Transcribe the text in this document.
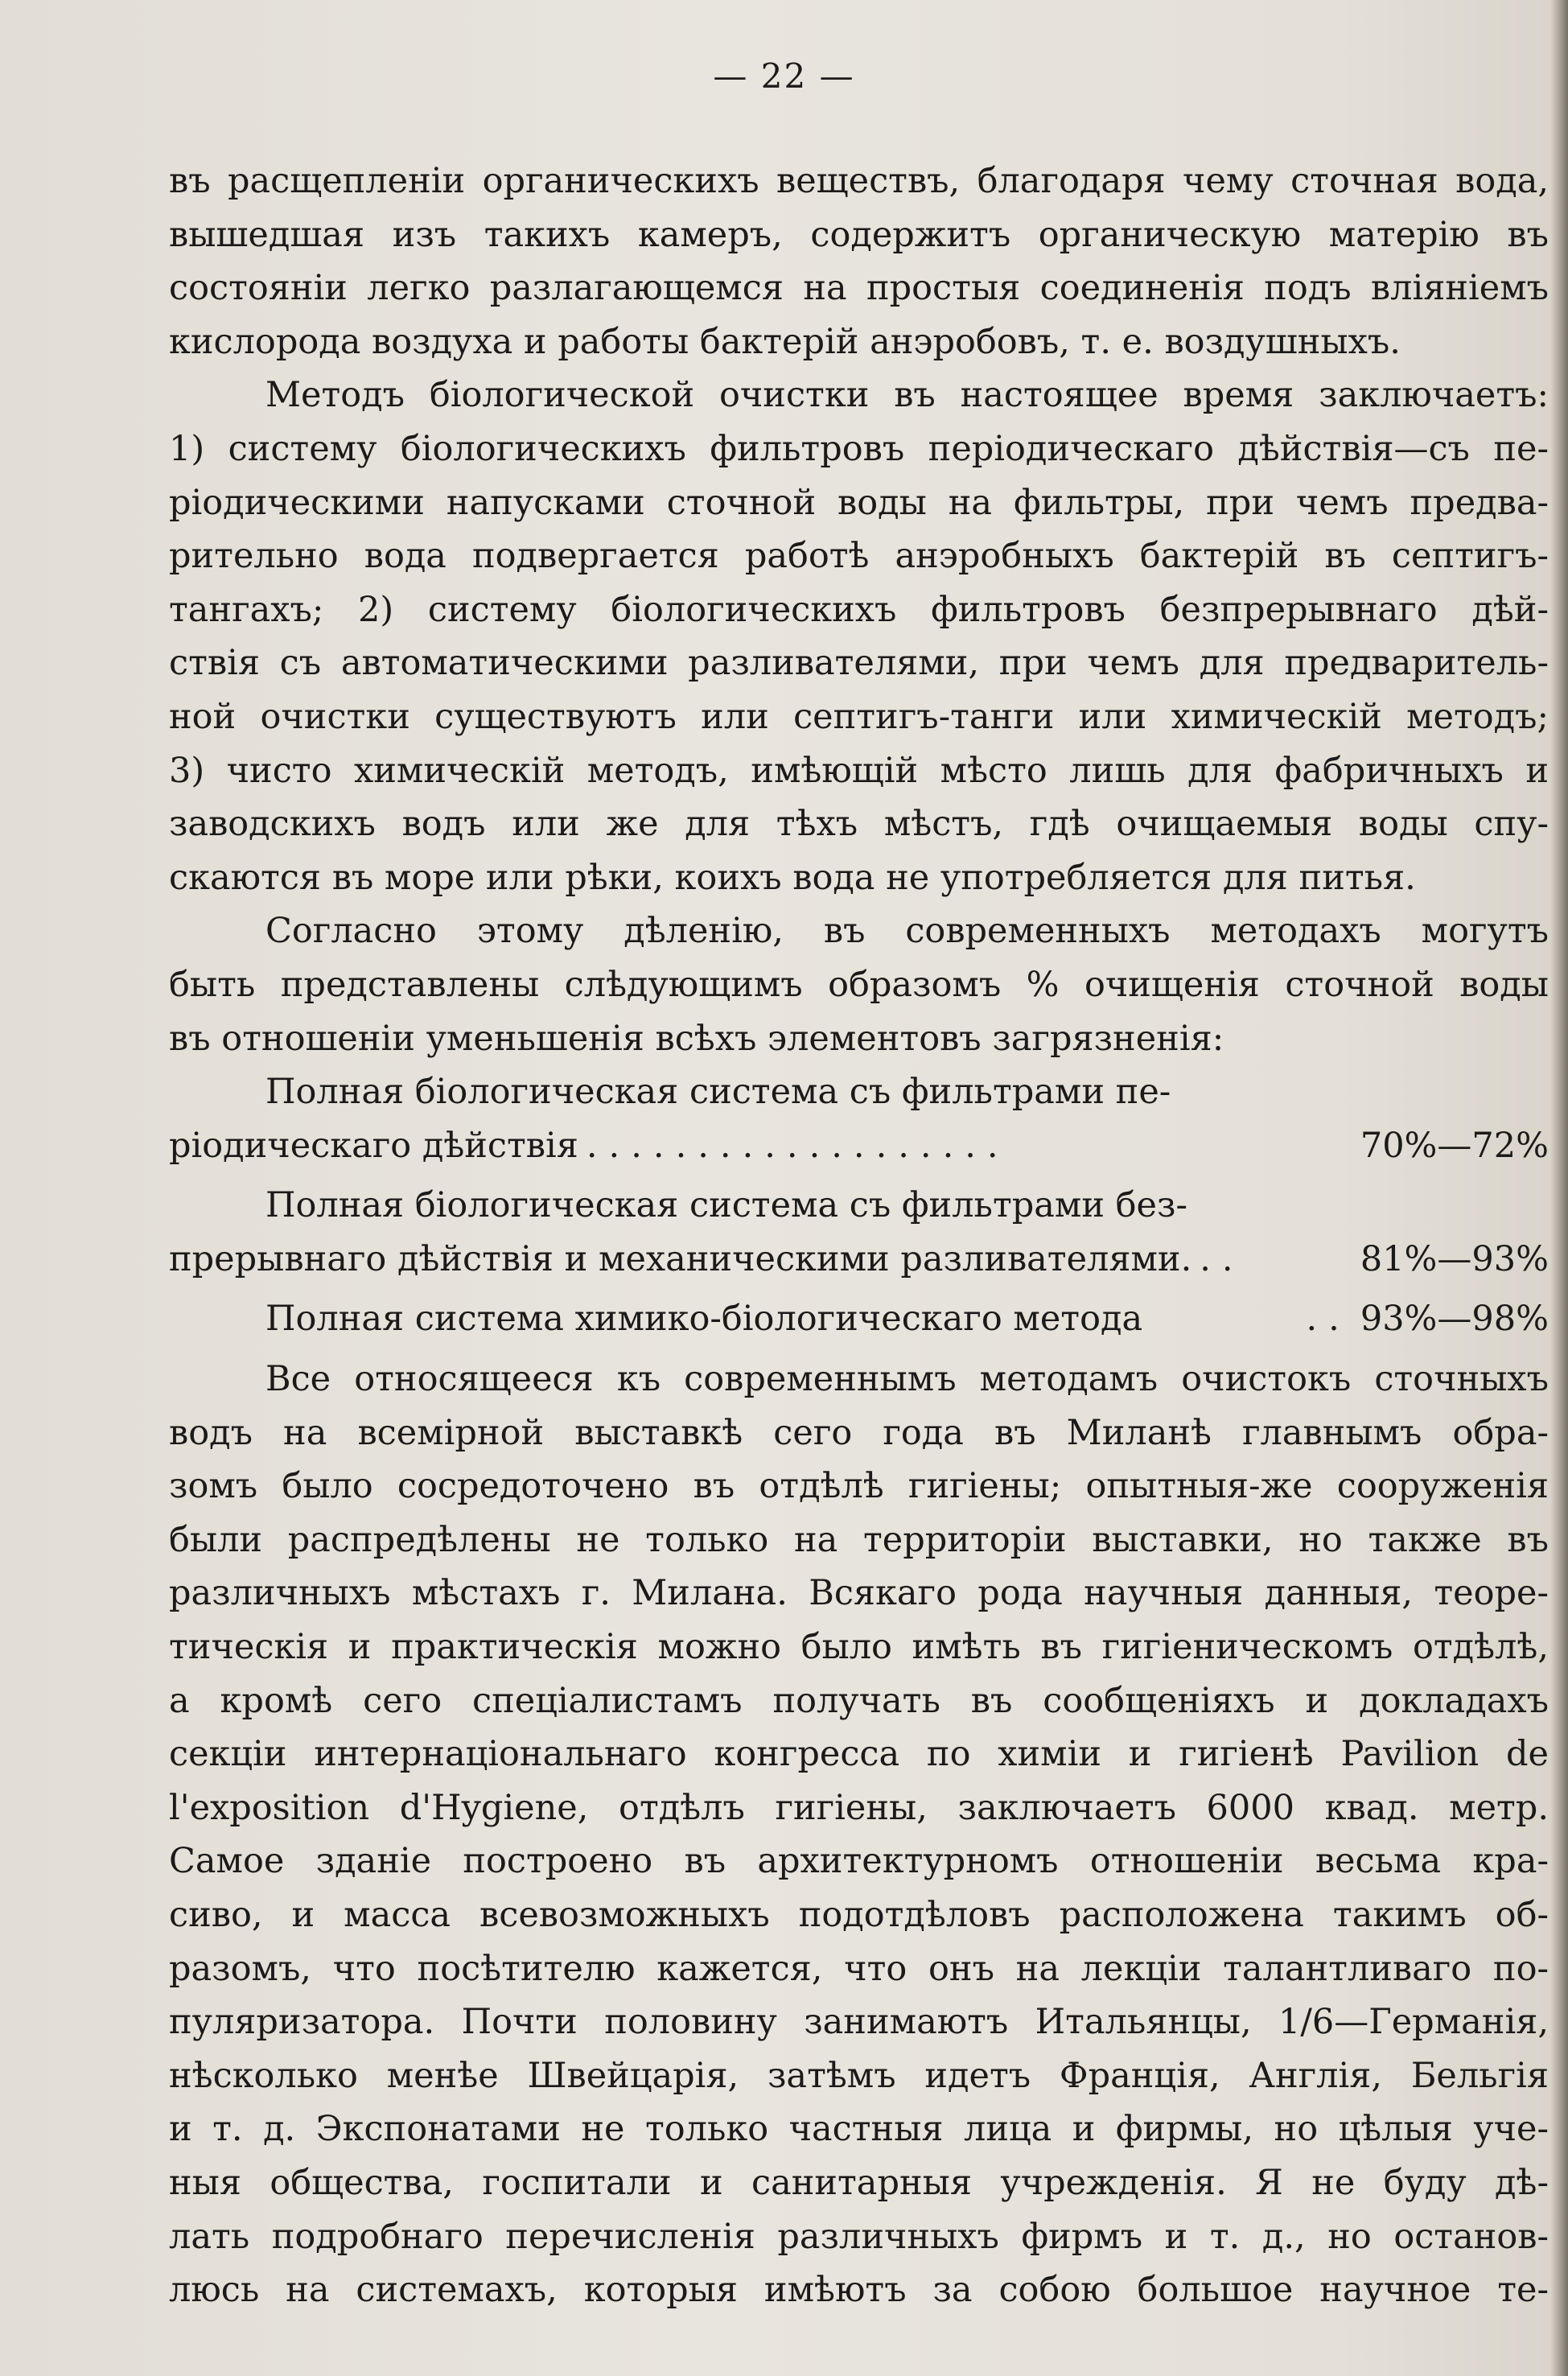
— 22 —
въ расщепленіи органическихъ веществъ, благодаря чему сточная вода,
вышедшая изъ такихъ камеръ, содержитъ органическую матерію въ
состояніи легко разлагающемся на простыя соединенія подъ вліяніемъ
кислорода воздуха и работы бактерій анэробовъ, т. е. воздушныхъ.
Методъ біологической очистки въ настоящее время заключаетъ:
1) систему біологическихъ фильтровъ періодическаго дѣйствія—съ пе-
ріодическими напусками сточной воды на фильтры, при чемъ предва-
рительно вода подвергается работѣ анэробныхъ бактерій въ септигъ-
тангахъ; 2) систему біологическихъ фильтровъ безпрерывнаго дѣй-
ствія съ автоматическими разливателями, при чемъ для предваритель-
ной очистки существуютъ или септигъ-танги или химическій методъ;
3) чисто химическій методъ, имѣющій мѣсто лишь для фабричныхъ и
заводскихъ водъ или же для тѣхъ мѣстъ, гдѣ очищаемыя воды спу-
скаются въ море или рѣки, коихъ вода не употребляется для питья.
Согласно этому дѣленію, въ современныхъ методахъ могутъ
быть представлены слѣдующимъ образомъ % очищенія сточной воды
въ отношеніи уменьшенія всѣхъ элементовъ загрязненія:
Полная біологическая система съ фильтрами пе-
ріодическаго дѣйствія ...................	70%—72%
Полная біологическая система съ фильтрами без-
прерывнаго дѣйствія и механическими разливателями. ..	81%—93%
Полная система химико-біологическаго метода	.. 93%—98%
Все относящееся къ современнымъ методамъ очистокъ сточныхъ
водъ на всемірной выставкѣ сего года въ Миланѣ главнымъ обра-
зомъ было сосредоточено въ отдѣлѣ гигіены; опытныя-же сооруженія
были распредѣлены не только на территоріи выставки, но также въ
различныхъ мѣстахъ г. Милана. Всякаго рода научныя данныя, теоре-
тическія и практическія можно было имѣть въ гигіеническомъ отдѣлѣ,
а кромѣ сего спеціалистамъ получать въ сообщеніяхъ и докладахъ
секціи интернаціональнаго конгресса по химіи и гигіенѣ Pavilion de
l'exposition d'Hygiene, отдѣлъ гигіены, заключаетъ 6000 квад. метр.
Самое зданіе построено въ архитектурномъ отношеніи весьма кра-
сиво, и масса всевозможныхъ подотдѣловъ расположена такимъ об-
разомъ, что посѣтителю кажется, что онъ на лекціи талантливаго по-
пуляризатора. Почти половину занимаютъ Итальянцы, 1/6—Германія,
нѣсколько менѣе Швейцарія, затѣмъ идетъ Франція, Англія, Бельгія
и т. д. Экспонатами не только частныя лица и фирмы, но цѣлыя уче-
ныя общества, госпитали и санитарныя учрежденія. Я не буду дѣ-
лать подробнаго перечисленія различныхъ фирмъ и т. д., но останов-
люсь на системахъ, которыя имѣютъ за собою большое научное те-
